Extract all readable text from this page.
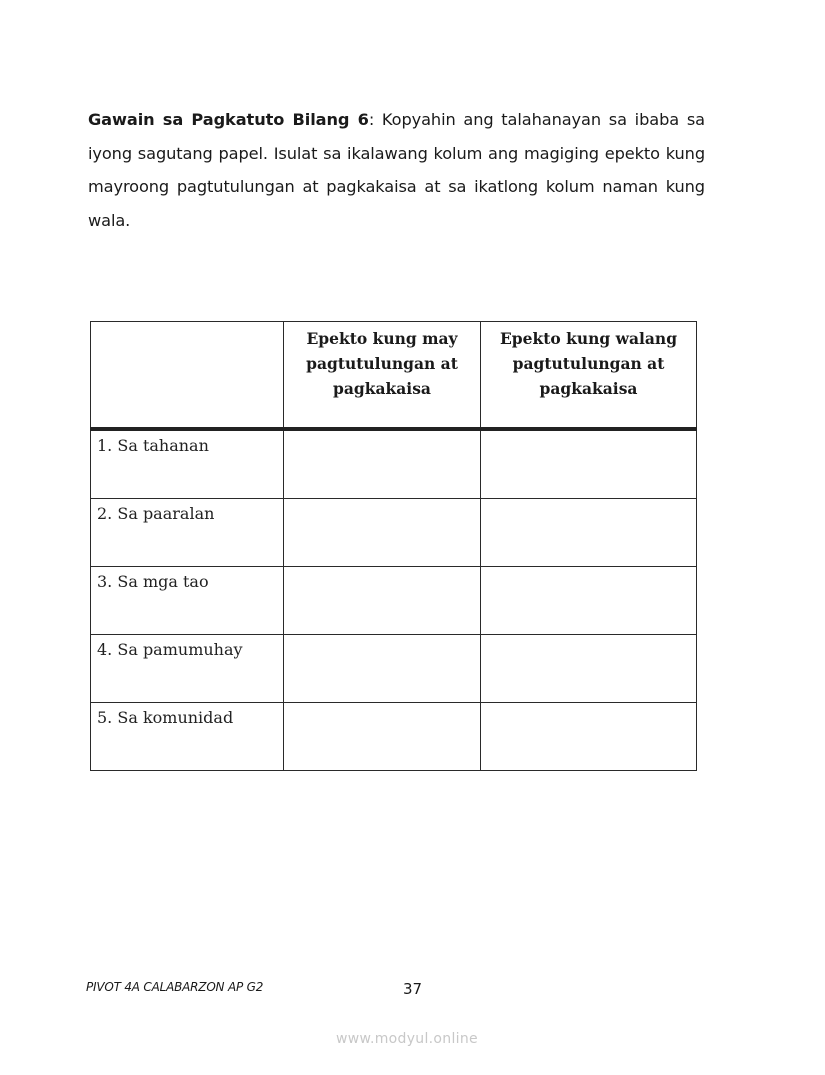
Gawain sa Pagkatuto Bilang 6: Kopyahin ang talahanayan sa ibaba sa iyong sagutang papel. Isulat sa ikalawang kolum ang magiging epekto kung mayroong pagtutulungan at pagkakaisa at sa ikatlong kolum naman kung wala.
	Epekto kung may pagtutulungan at pagkakaisa	Epekto kung walang pagtutulungan at pagkakaisa
1. Sa tahanan		
2. Sa paaralan		
3. Sa mga tao		
4. Sa pamumuhay		
5. Sa komunidad		
PIVOT 4A CALABARZON AP G2	37
www.modyul.online
